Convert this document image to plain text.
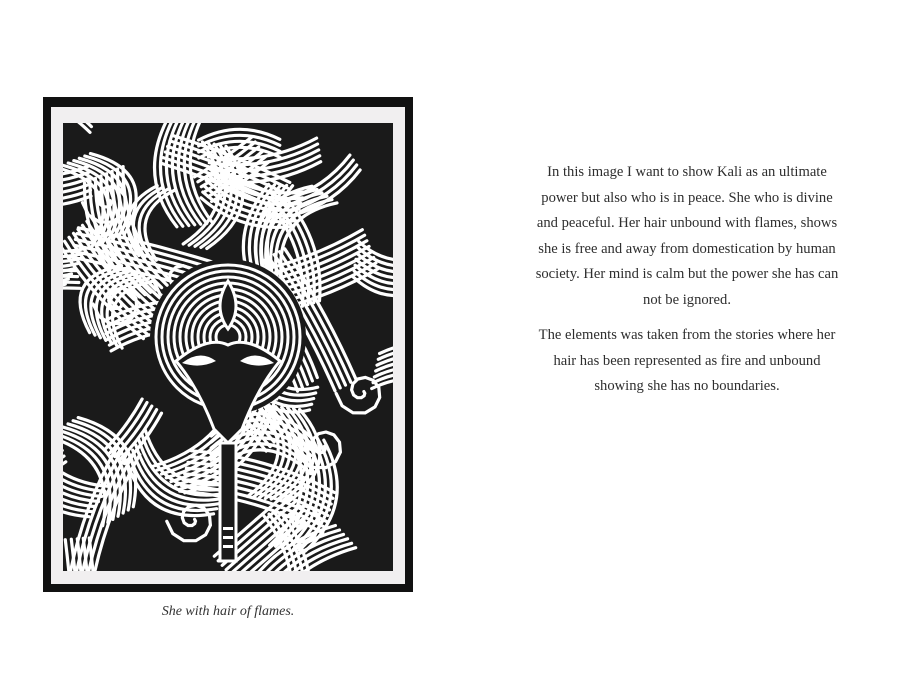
She with hair of flames.

In this image I want to show Kali as an ultimate power but also who is in peace. She who is divine and peaceful. Her hair unbound with flames, shows she is free and away from domestication by human society. Her mind is calm but the power she has can not be ignored.

The elements was taken from the stories where her hair has been represented as fire and unbound showing she has no boundaries.
